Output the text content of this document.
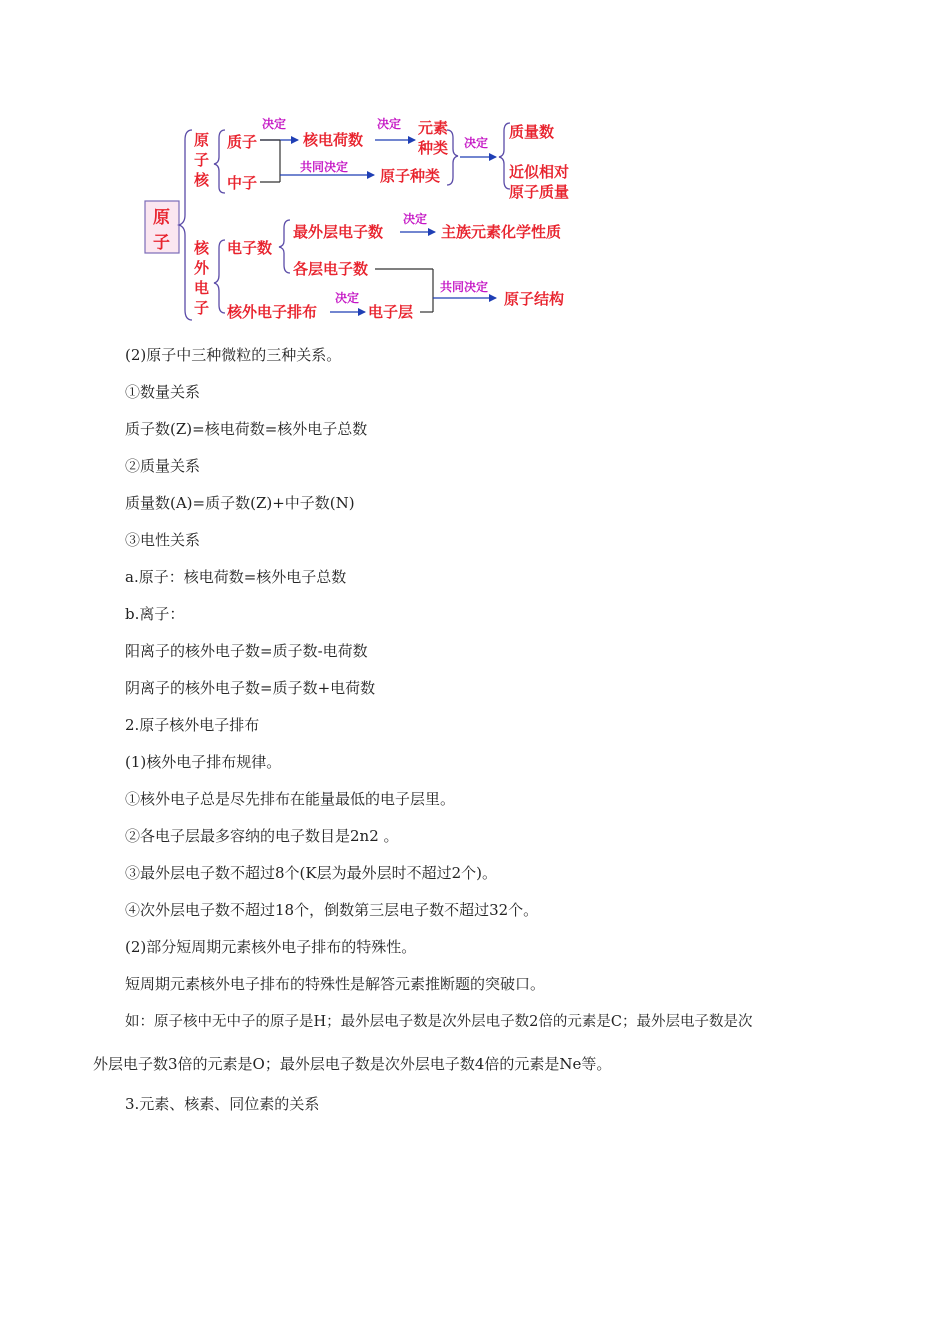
原
原
子
核
质子
中子
决定
核电荷数
决定 元素
种类
共同决定 原子种类
决定
质量数
近似相对
原子质量
核
外
电
子
电子数
最外层电子数
决定
主族元素化学性质
各层电子数
核外电子排布
决定
电子层
共同决定
原子结构
子
(2)原子中三种微粒的三种关系。
①数量关系
质子数(Z)=核电荷数=核外电子总数
②质量关系
质量数(A)=质子数(Z)+中子数(N)
③电性关系
a.原子：核电荷数=核外电子总数
b.离子：
阳离子的核外电子数=质子数-电荷数
阴离子的核外电子数=质子数+电荷数
2.原子核外电子排布
(1)核外电子排布规律。
①核外电子总是尽先排布在能量最低的电子层里。
②各电子层最多容纳的电子数目是2n2 。
③最外层电子数不超过8个(K层为最外层时不超过2个)。
④次外层电子数不超过18个，倒数第三层电子数不超过32个。
(2)部分短周期元素核外电子排布的特殊性。
短周期元素核外电子排布的特殊性是解答元素推断题的突破口。
如：原子核中无中子的原子是H；最外层电子数是次外层电子数2倍的元素是C；最外层电子数是次
外层电子数3倍的元素是O；最外层电子数是次外层电子数4倍的元素是Ne等。
3.元素、核素、同位素的关系
